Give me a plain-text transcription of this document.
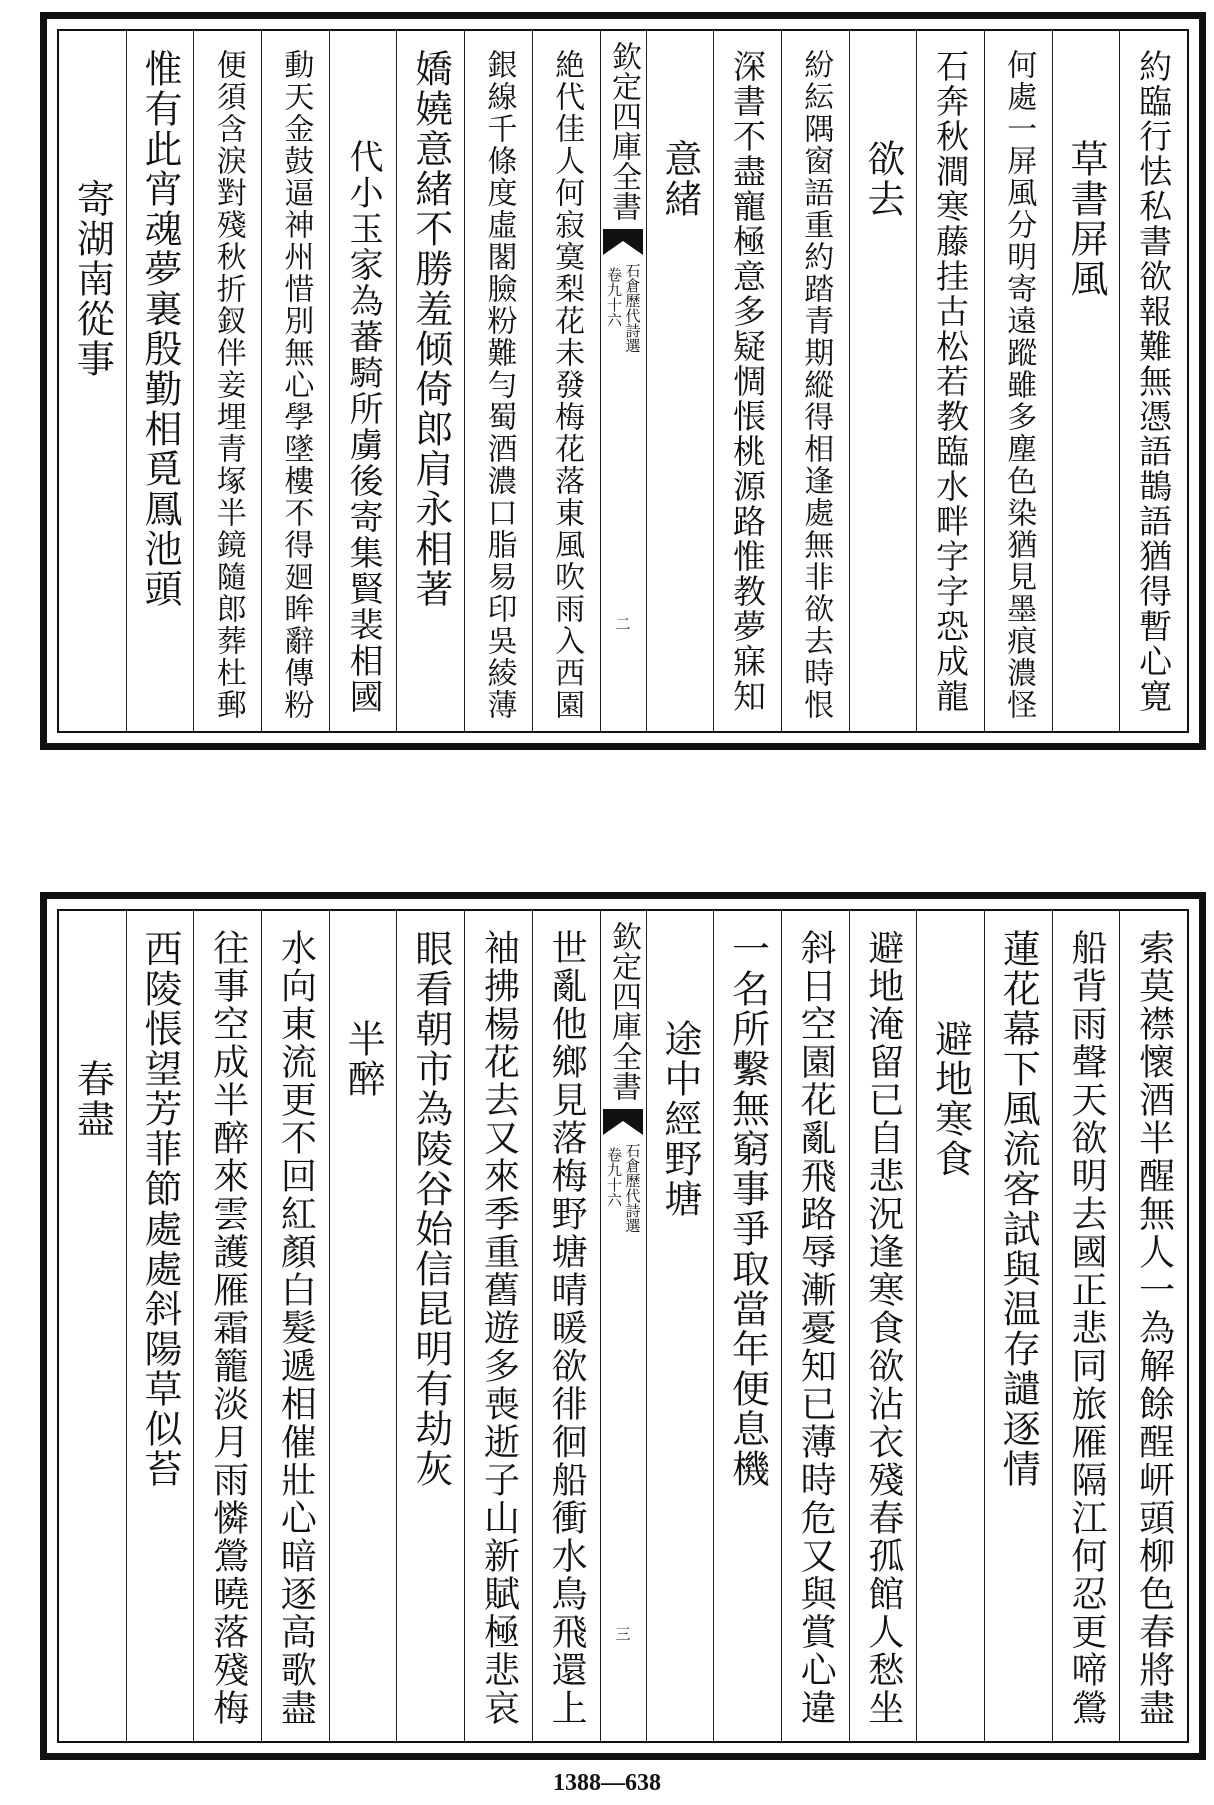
約臨行怯私書欲報難無憑語鵲語猶得暫心寛
草書屏風
何處一屏風分明寄遠蹤雖多塵色染猶見墨痕濃怪
石奔秋澗寒藤挂古松若教臨水畔字字恐成龍
欲去
紛紜隅窗語重約踏青期縱得相逢處無非欲去時恨
深書不盡寵極意多疑惆悵桃源路惟教夢寐知
意緒
欽定四庫全書
石倉歷代詩選
卷九十六
二
絶代佳人何寂寞梨花未發梅花落東風吹雨入西園
銀線千條度虛閣臉粉難勻蜀酒濃口脂易印吳綾薄
嬌嬈意緒不勝羞倾倚郎肩永相著
代小玉家為蕃騎所虜後寄集賢裴相國
動天金鼓逼神州惜別無心學墜樓不得廻眸辭傳粉
便須含淚對殘秋折釵伴妾埋青塚半鏡隨郎葬杜郵
惟有此宵魂夢裏殷勤相覓鳳池頭
寄湖南從事
索莫襟懷酒半醒無人一為解餘酲岍頭柳色春將盡
船背雨聲天欲明去國正悲同旅雁隔江何忍更啼鶯
蓮花幕下風流客試與温存譴逐情
避地寒食
避地淹留已自悲況逢寒食欲沾衣殘春孤館人愁坐
斜日空園花亂飛路辱漸憂知已薄時危又與賞心違
一名所繫無窮事爭取當年便息機
途中經野塘
欽定四庫全書
石倉歷代詩選
卷九十六
三
世亂他鄉見落梅野塘晴暖欲徘徊船衝水鳥飛還上
袖拂楊花去又來季重舊遊多喪逝子山新賦極悲哀
眼看朝市為陵谷始信昆明有劫灰
半醉
水向東流更不回紅顏白髮遞相催壯心暗逐高歌盡
往事空成半醉來雲護雁霜籠淡月雨憐鶯曉落殘梅
西陵悵望芳菲節處處斜陽草似苔
春盡
1388—638
